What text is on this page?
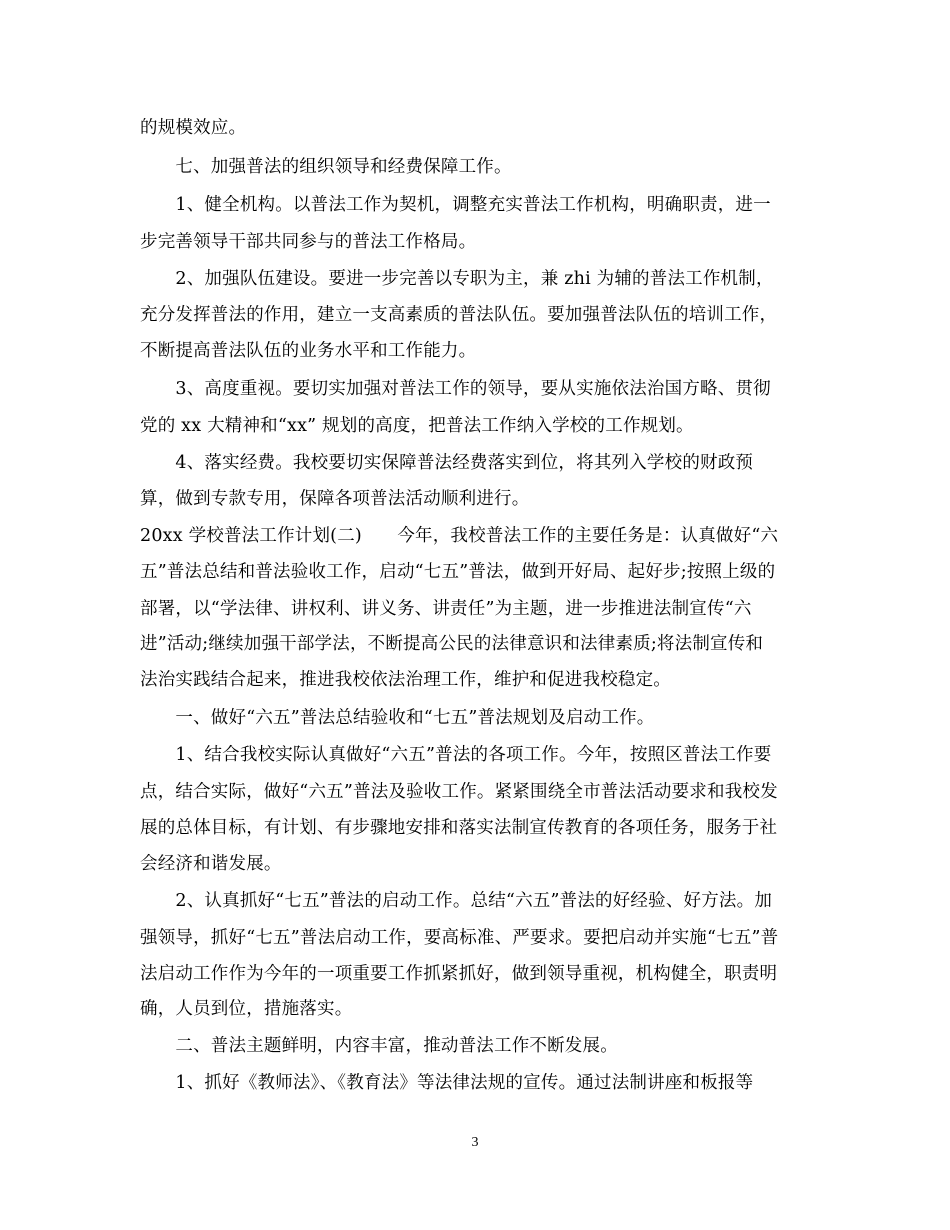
的规模效应。
　　七、加强普法的组织领导和经费保障工作。
　　1、健全机构。以普法工作为契机，调整充实普法工作机构，明确职责，进一
步完善领导干部共同参与的普法工作格局。
　　2、加强队伍建设。要进一步完善以专职为主，兼 zhi 为辅的普法工作机制，
充分发挥普法的作用，建立一支高素质的普法队伍。要加强普法队伍的培训工作，
不断提高普法队伍的业务水平和工作能力。
　　3、高度重视。要切实加强对普法工作的领导，要从实施依法治国方略、贯彻
党的 xx 大精神和“xx” 规划的高度，把普法工作纳入学校的工作规划。
　　4、落实经费。我校要切实保障普法经费落实到位，将其列入学校的财政预
算，做到专款专用，保障各项普法活动顺利进行。
20xx 学校普法工作计划(二)　　今年，我校普法工作的主要任务是：认真做好“六
五”普法总结和普法验收工作，启动“七五”普法，做到开好局、起好步;按照上级的
部署，以“学法律、讲权利、讲义务、讲责任”为主题，进一步推进法制宣传“六
进”活动;继续加强干部学法，不断提高公民的法律意识和法律素质;将法制宣传和
法治实践结合起来，推进我校依法治理工作，维护和促进我校稳定。
　　一、做好“六五”普法总结验收和“七五”普法规划及启动工作。
　　1、结合我校实际认真做好“六五”普法的各项工作。今年，按照区普法工作要
点，结合实际，做好“六五”普法及验收工作。紧紧围绕全市普法活动要求和我校发
展的总体目标，有计划、有步骤地安排和落实法制宣传教育的各项任务，服务于社
会经济和谐发展。
　　2、认真抓好“七五”普法的启动工作。总结“六五”普法的好经验、好方法。加
强领导，抓好“七五”普法启动工作，要高标准、严要求。要把启动并实施“七五”普
法启动工作作为今年的一项重要工作抓紧抓好，做到领导重视，机构健全，职责明
确，人员到位，措施落实。
　　二、普法主题鲜明，内容丰富，推动普法工作不断发展。
　　1、抓好《教师法》、《教育法》等法律法规的宣传。通过法制讲座和板报等
3
